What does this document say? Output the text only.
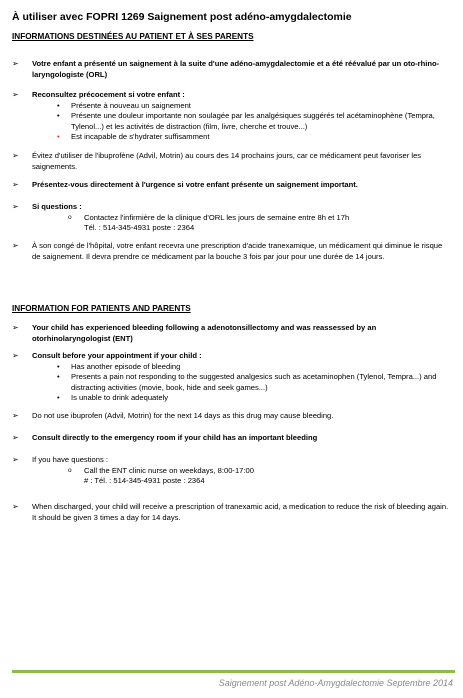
À utiliser avec FOPRI 1269 Saignement post adéno-amygdalectomie
INFORMATIONS DESTINÉES AU PATIENT ET À SES PARENTS
➢	Votre enfant a présenté un saignement à la suite d'une adéno-amygdalectomie et a été réévalué par un oto-rhino-laryngologiste (ORL)
➢	Reconsultez précocement si votre enfant :
• Présente à nouveau un saignement
• Présente une douleur importante non soulagée par les analgésiques suggérés tel acétaminophène (Tempra, Tylenol...) et les activités de distraction (film, livre, cherche et trouve...)
• Est incapable de s'hydrater suffisamment
➢	Évitez d'utiliser de l'ibuprofène (Advil, Motrin) au cours des 14 prochains jours, car ce médicament peut favoriser les saignements.
➢	Présentez-vous directement à l'urgence si votre enfant présente un saignement important.
➢	Si questions :
o Contactez l'infirmière de la clinique d'ORL les jours de semaine entre 8h et 17h
Tél. : 514-345-4931 poste : 2364
➢	À son congé de l'hôpital, votre enfant recevra une prescription d'acide tranexamique, un médicament qui diminue le risque de saignement. Il devra prendre ce médicament par la bouche 3 fois par jour pour une durée de 14 jours.
INFORMATION FOR PATIENTS AND PARENTS
➢	Your child has experienced bleeding following a adenotonsillectomy and was reassessed by an otorhinolaryngologist (ENT)
➢	Consult before your appointment if your child :
• Has another episode of bleeding
• Presents a pain not responding to the suggested analgesics such as acetaminophen (Tylenol, Tempra...) and distracting activities (movie, book, hide and seek games...)
• Is unable to drink adequately
➢	Do not use ibuprofen (Advil, Motrin) for the next 14 days as this drug may cause bleeding.
➢	Consult directly to the emergency room if your child has an important bleeding
➢	If you have questions :
o Call the ENT clinic nurse on weekdays, 8:00-17:00
# : Tél. : 514-345-4931 poste : 2364
➢	When discharged, your child will receive a prescription of tranexamic acid, a medication to reduce the risk of bleeding again. It should be given 3 times a day for 14 days.
Saignement post Adéno-Amygdalectomie Septembre 2014
